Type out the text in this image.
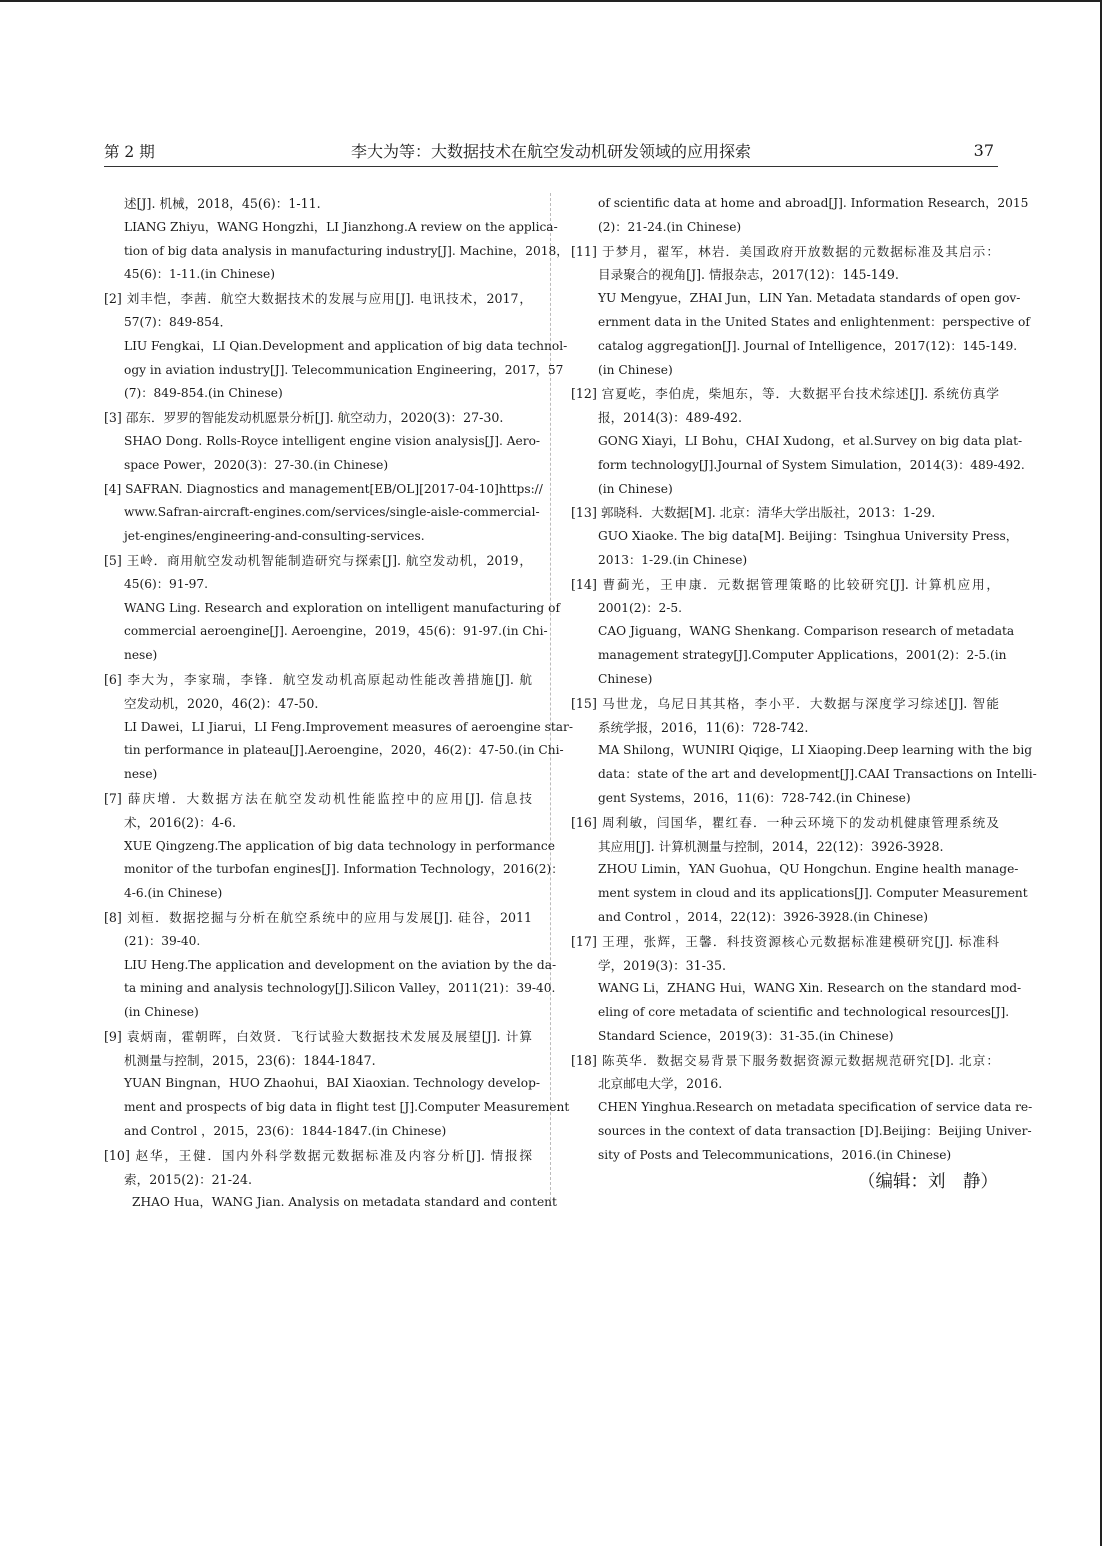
第 2 期	李大为等：大数据技术在航空发动机研发领域的应用探索	37
述[J]. 机械，2018，45(6)：1-11.
LIANG Zhiyu，WANG Hongzhi，LI Jianzhong.A review on the applica-
tion of big data analysis in manufacturing industry[J]. Machine，2018，
45(6)：1-11.(in Chinese)
[2] 刘丰恺，李茜．航空大数据技术的发展与应用[J]. 电讯技术，2017，
57(7)：849-854．
LIU Fengkai，LI Qian.Development and application of big data technol-
ogy in aviation industry[J]. Telecommunication Engineering，2017，57
(7)：849-854.(in Chinese)
[3] 邵东．罗罗的智能发动机愿景分析[J]. 航空动力，2020(3)：27-30.
SHAO Dong. Rolls-Royce intelligent engine vision analysis[J]. Aero-
space Power，2020(3)：27-30.(in Chinese)
[4] SAFRAN. Diagnostics and management[EB/OL][2017-04-10]https://
www.Safran-aircraft-engines.com/services/single-aisle-commercial-
jet-engines/engineering-and-consulting-services.
[5] 王岭．商用航空发动机智能制造研究与探索[J]. 航空发动机，2019，
45(6)：91-97.
WANG Ling. Research and exploration on intelligent manufacturing of
commercial aeroengine[J]. Aeroengine，2019，45(6)：91-97.(in Chi-
nese)
[6] 李大为，李家瑞，李锋．航空发动机高原起动性能改善措施[J]. 航
空发动机，2020，46(2)：47-50.
LI Dawei，LI Jiarui，LI Feng.Improvement measures of aeroengine star-
tin performance in plateau[J].Aeroengine，2020，46(2)：47-50.(in Chi-
nese)
[7] 薛庆增．大数据方法在航空发动机性能监控中的应用[J]. 信息技
术，2016(2)：4-6.
XUE Qingzeng.The application of big data technology in performance
monitor of the turbofan engines[J]. Information Technology，2016(2)：
4-6.(in Chinese)
[8] 刘桓．数据挖掘与分析在航空系统中的应用与发展[J]. 硅谷，2011
(21)：39-40.
LIU Heng.The application and development on the aviation by the da-
ta mining and analysis technology[J].Silicon Valley，2011(21)：39-40.
(in Chinese)
[9] 袁炳南，霍朝晖，白效贤．飞行试验大数据技术发展及展望[J]. 计算
机测量与控制，2015，23(6)：1844-1847.
YUAN Bingnan，HUO Zhaohui，BAI Xiaoxian. Technology develop-
ment and prospects of big data in flight test [J].Computer Measurement
and Control ，2015，23(6)：1844-1847.(in Chinese)
[10] 赵华，王健．国内外科学数据元数据标准及内容分析[J]. 情报探
索，2015(2)：21-24.
ZHAO Hua，WANG Jian. Analysis on metadata standard and content
of scientific data at home and abroad[J]. Information Research，2015
(2)：21-24.(in Chinese)
[11] 于梦月，翟军，林岩．美国政府开放数据的元数据标准及其启示：
目录聚合的视角[J]. 情报杂志，2017(12)：145-149.
YU Mengyue，ZHAI Jun，LIN Yan. Metadata standards of open gov-
ernment data in the United States and enlightenment：perspective of
catalog aggregation[J]. Journal of Intelligence，2017(12)：145-149.
(in Chinese)
[12] 宫夏屹，李伯虎，柴旭东，等．大数据平台技术综述[J]. 系统仿真学
报，2014(3)：489-492.
GONG Xiayi，LI Bohu，CHAI Xudong，et al.Survey on big data plat-
form technology[J].Journal of System Simulation，2014(3)：489-492.
(in Chinese)
[13] 郭晓科．大数据[M]. 北京：清华大学出版社，2013：1-29.
GUO Xiaoke. The big data[M]. Beijing：Tsinghua University Press，
2013：1-29.(in Chinese)
[14] 曹蓟光，王申康．元数据管理策略的比较研究[J]. 计算机应用，
2001(2)：2-5.
CAO Jiguang，WANG Shenkang. Comparison research of metadata
management strategy[J].Computer Applications，2001(2)：2-5.(in
Chinese)
[15] 马世龙，乌尼日其其格，李小平．大数据与深度学习综述[J]. 智能
系统学报，2016，11(6)：728-742.
MA Shilong，WUNIRI Qiqige，LI Xiaoping.Deep learning with the big
data：state of the art and development[J].CAAI Transactions on Intelli-
gent Systems，2016，11(6)：728-742.(in Chinese)
[16] 周利敏，闫国华，瞿红春．一种云环境下的发动机健康管理系统及
其应用[J]. 计算机测量与控制，2014，22(12)：3926-3928.
ZHOU Limin，YAN Guohua，QU Hongchun. Engine health manage-
ment system in cloud and its applications[J]. Computer Measurement
and Control ，2014，22(12)：3926-3928.(in Chinese)
[17] 王理，张辉，王馨．科技资源核心元数据标准建模研究[J]. 标准科
学，2019(3)：31-35.
WANG Li，ZHANG Hui，WANG Xin. Research on the standard mod-
eling of core metadata of scientific and technological resources[J].
Standard Science，2019(3)：31-35.(in Chinese)
[18] 陈英华．数据交易背景下服务数据资源元数据规范研究[D]. 北京：
北京邮电大学，2016.
CHEN Yinghua.Research on metadata specification of service data re-
sources in the context of data transaction [D].Beijing：Beijing Univer-
sity of Posts and Telecommunications，2016.(in Chinese)
（编辑：刘　静）
